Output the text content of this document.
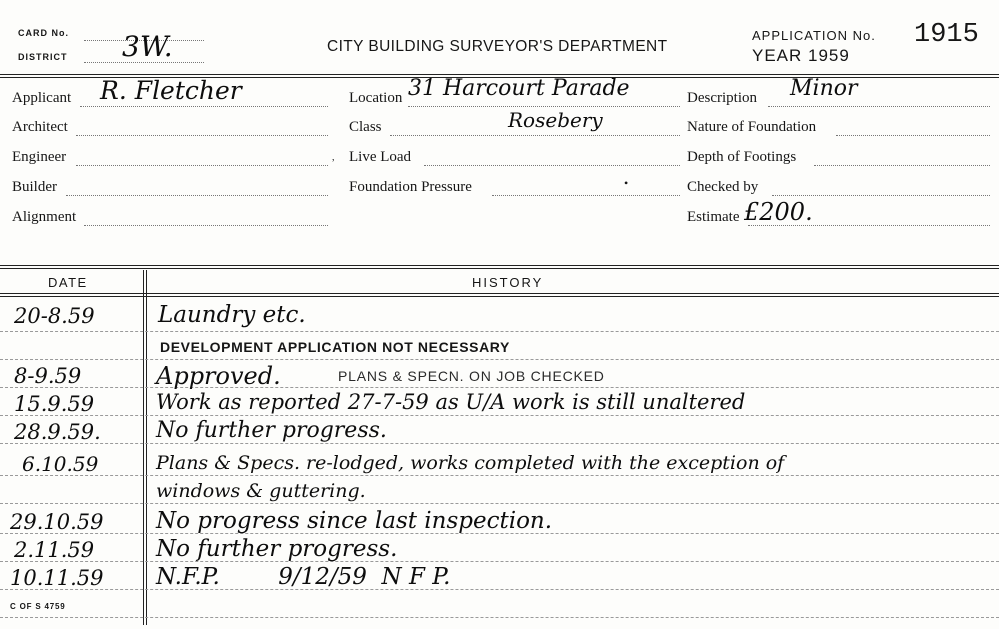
CARD No.
DISTRICT 3W.	CITY BUILDING SURVEYOR'S DEPARTMENT
APPLICATION No. 1915
YEAR 1959
Applicant R. Fletcher
Architect
Engineer
Builder
Alignment
Location 31 Harcourt Parade
Class	Rosebery
Live Load
Foundation Pressure
Description Minor
Nature of Foundation
Depth of Footings
Checked by
Estimate £200.
,
•
DATE	HISTORY
20-8.59	Laundry etc.
DEVELOPMENT APPLICATION NOT NECESSARY
8-9.59	Approved.	PLANS & SPECN. ON JOB CHECKED
15.9.59	Work as reported 27-7-59 as U/A work is still unaltered
28.9.59.	No further progress.
6.10.59	Plans & Specs. re-lodged, works completed with the exception of
windows & guttering.
29.10.59 No progress since last inspection.
2.11.59	No further progress.
10.11.59 N.F.P.        9/12/59  N F P.
C OF S 4759
